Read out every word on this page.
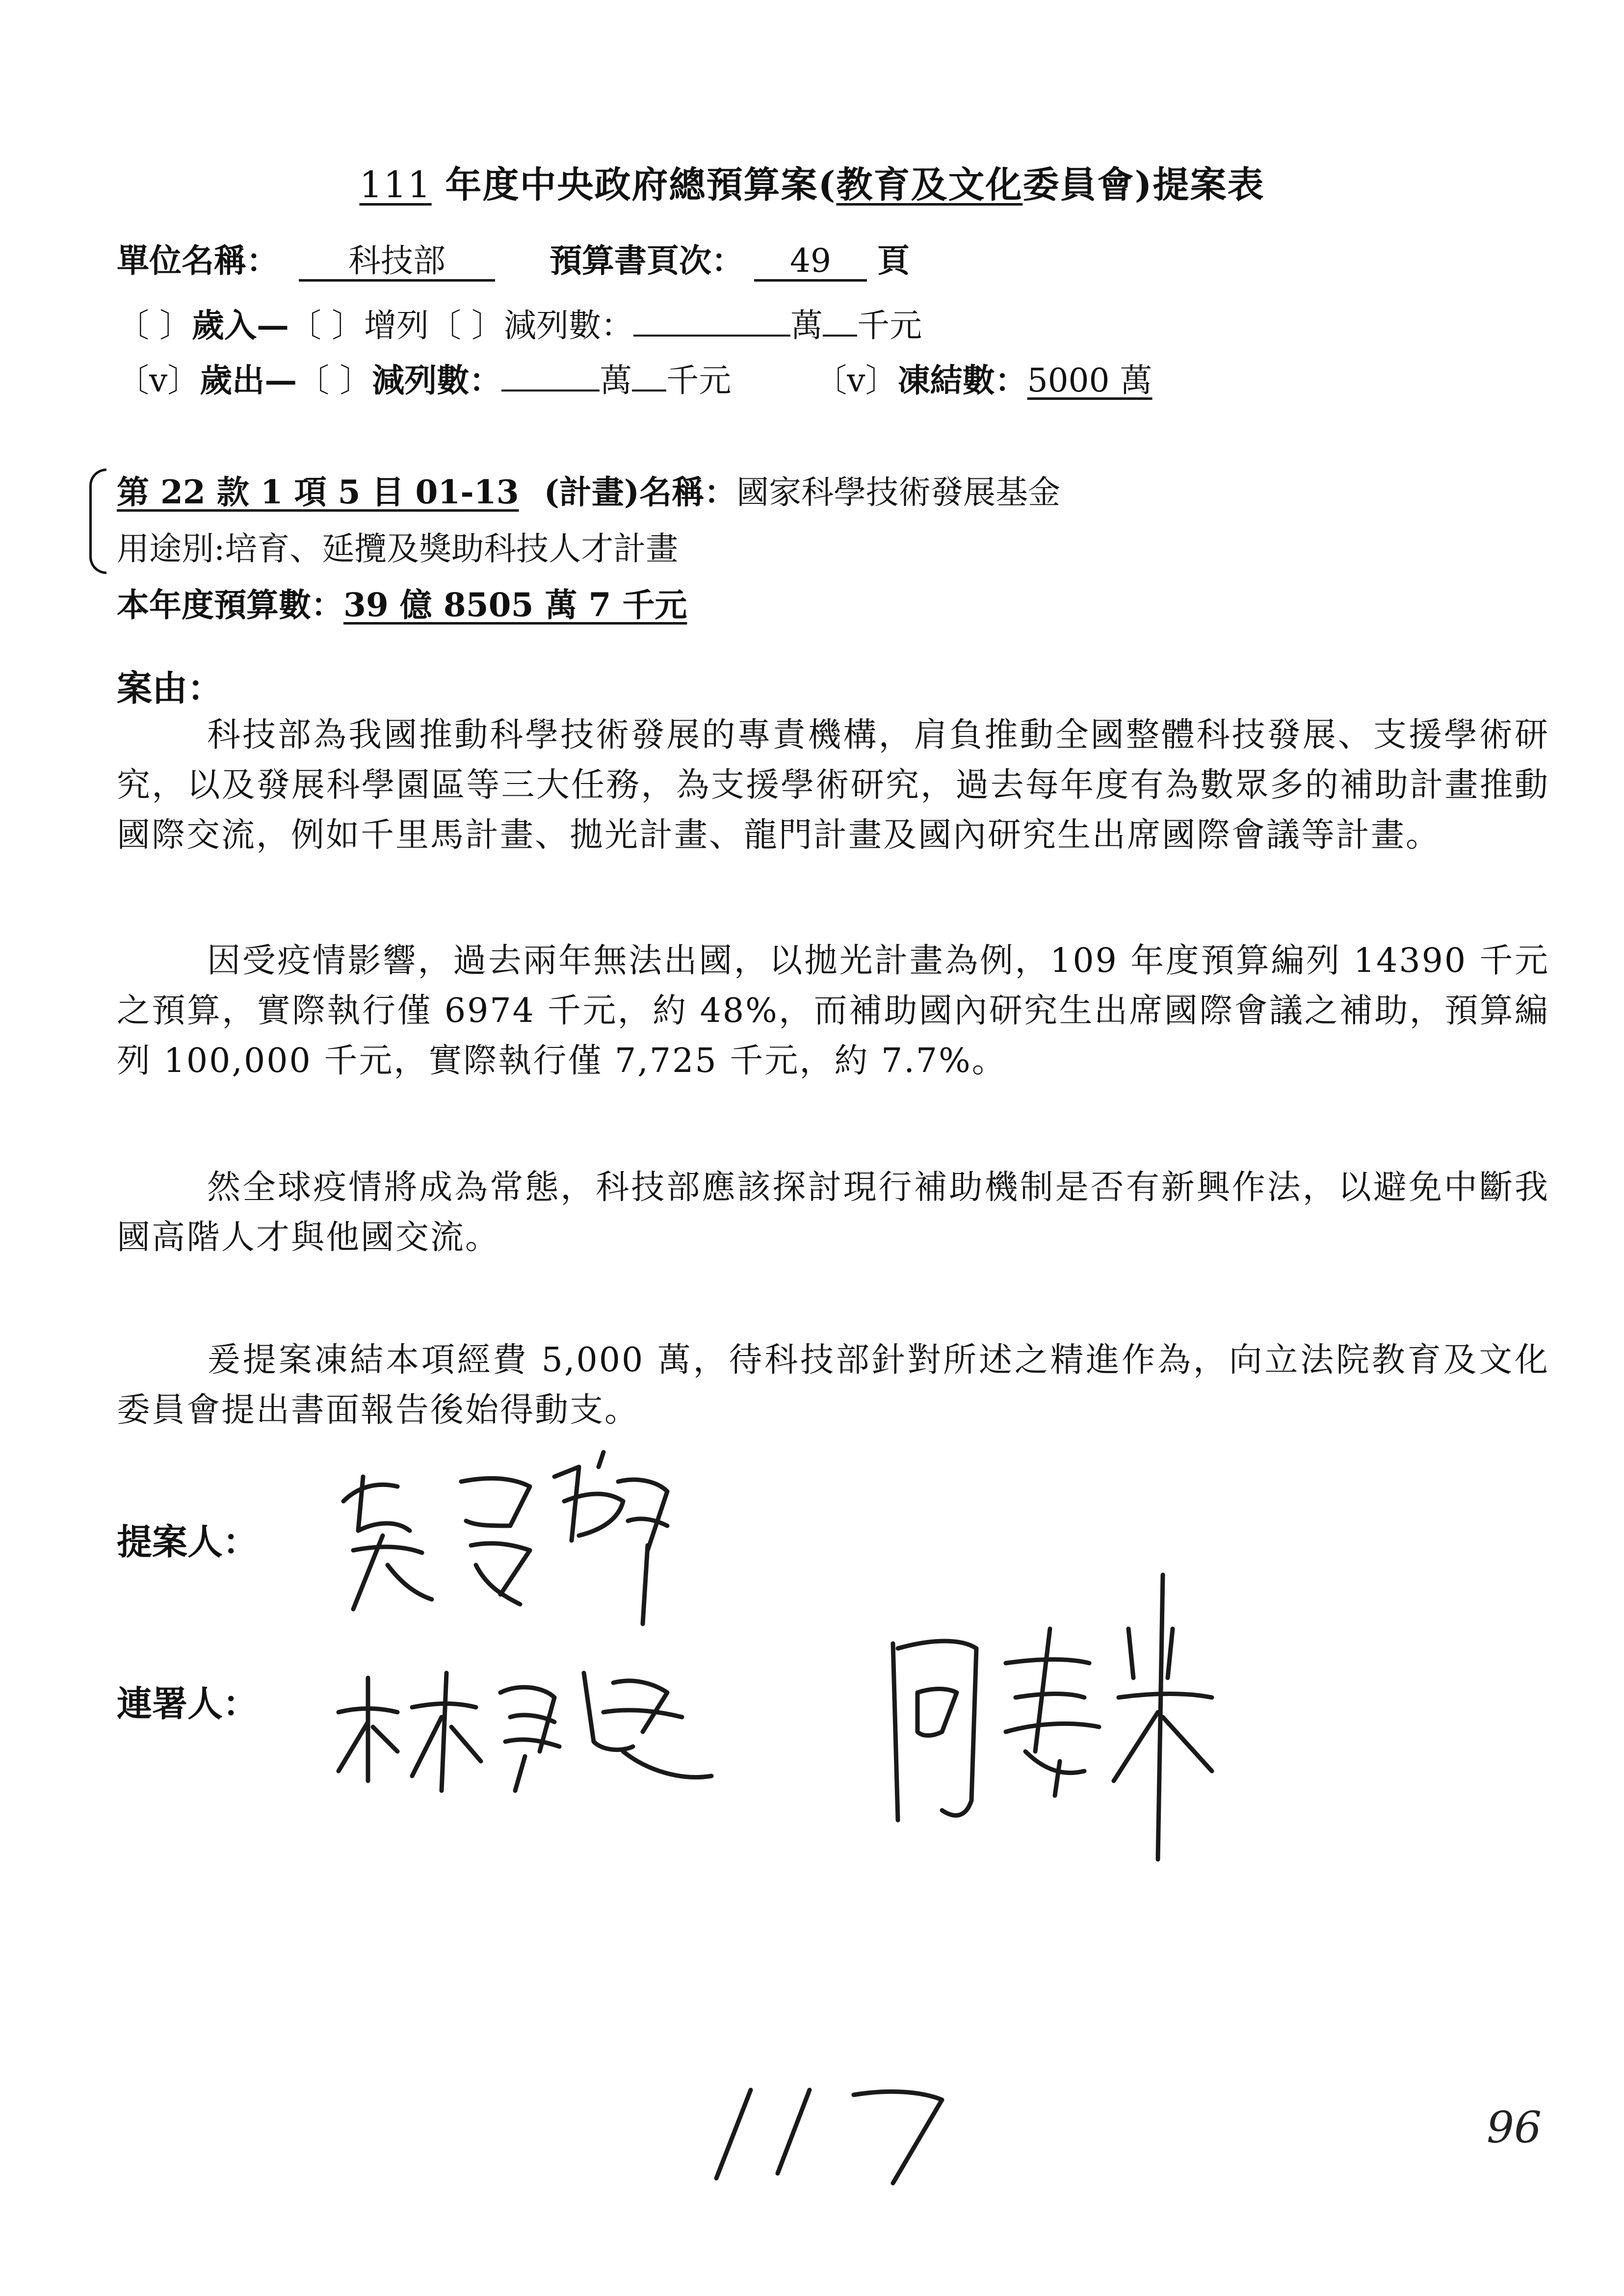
111 年度中央政府總預算案(教育及文化委員會)提案表
單位名稱： 科技部	預算書頁次： 49 頁
〔 〕歲入—〔 〕增列〔 〕減列數：	萬 千元
〔v〕歲出—〔 〕減列數：	萬 千元	〔v〕凍結數：5000 萬
第 22 款 1 項 5 目 01-13 (計畫)名稱：國家科學技術發展基金
用途別:培育、延攬及獎助科技人才計畫
本年度預算數：39 億 8505 萬 7 千元
案由：
科技部為我國推動科學技術發展的專責機構，肩負推動全國整體科技發展、支援學術研究，以及發展科學園區等三大任務，為支援學術研究，過去每年度有為數眾多的補助計畫推動國際交流，例如千里馬計畫、拋光計畫、龍門計畫及國內研究生出席國際會議等計畫。
因受疫情影響，過去兩年無法出國，以拋光計畫為例，109 年度預算編列 14390 千元之預算，實際執行僅 6974 千元，約 48%，而補助國內研究生出席國際會議之補助，預算編列 100,000 千元，實際執行僅 7,725 千元，約 7.7%。
然全球疫情將成為常態，科技部應該探討現行補助機制是否有新興作法，以避免中斷我國高階人才與他國交流。
爰提案凍結本項經費 5,000 萬，待科技部針對所述之精進作為，向立法院教育及文化委員會提出書面報告後始得動支。
提案人：
連署人：
96
